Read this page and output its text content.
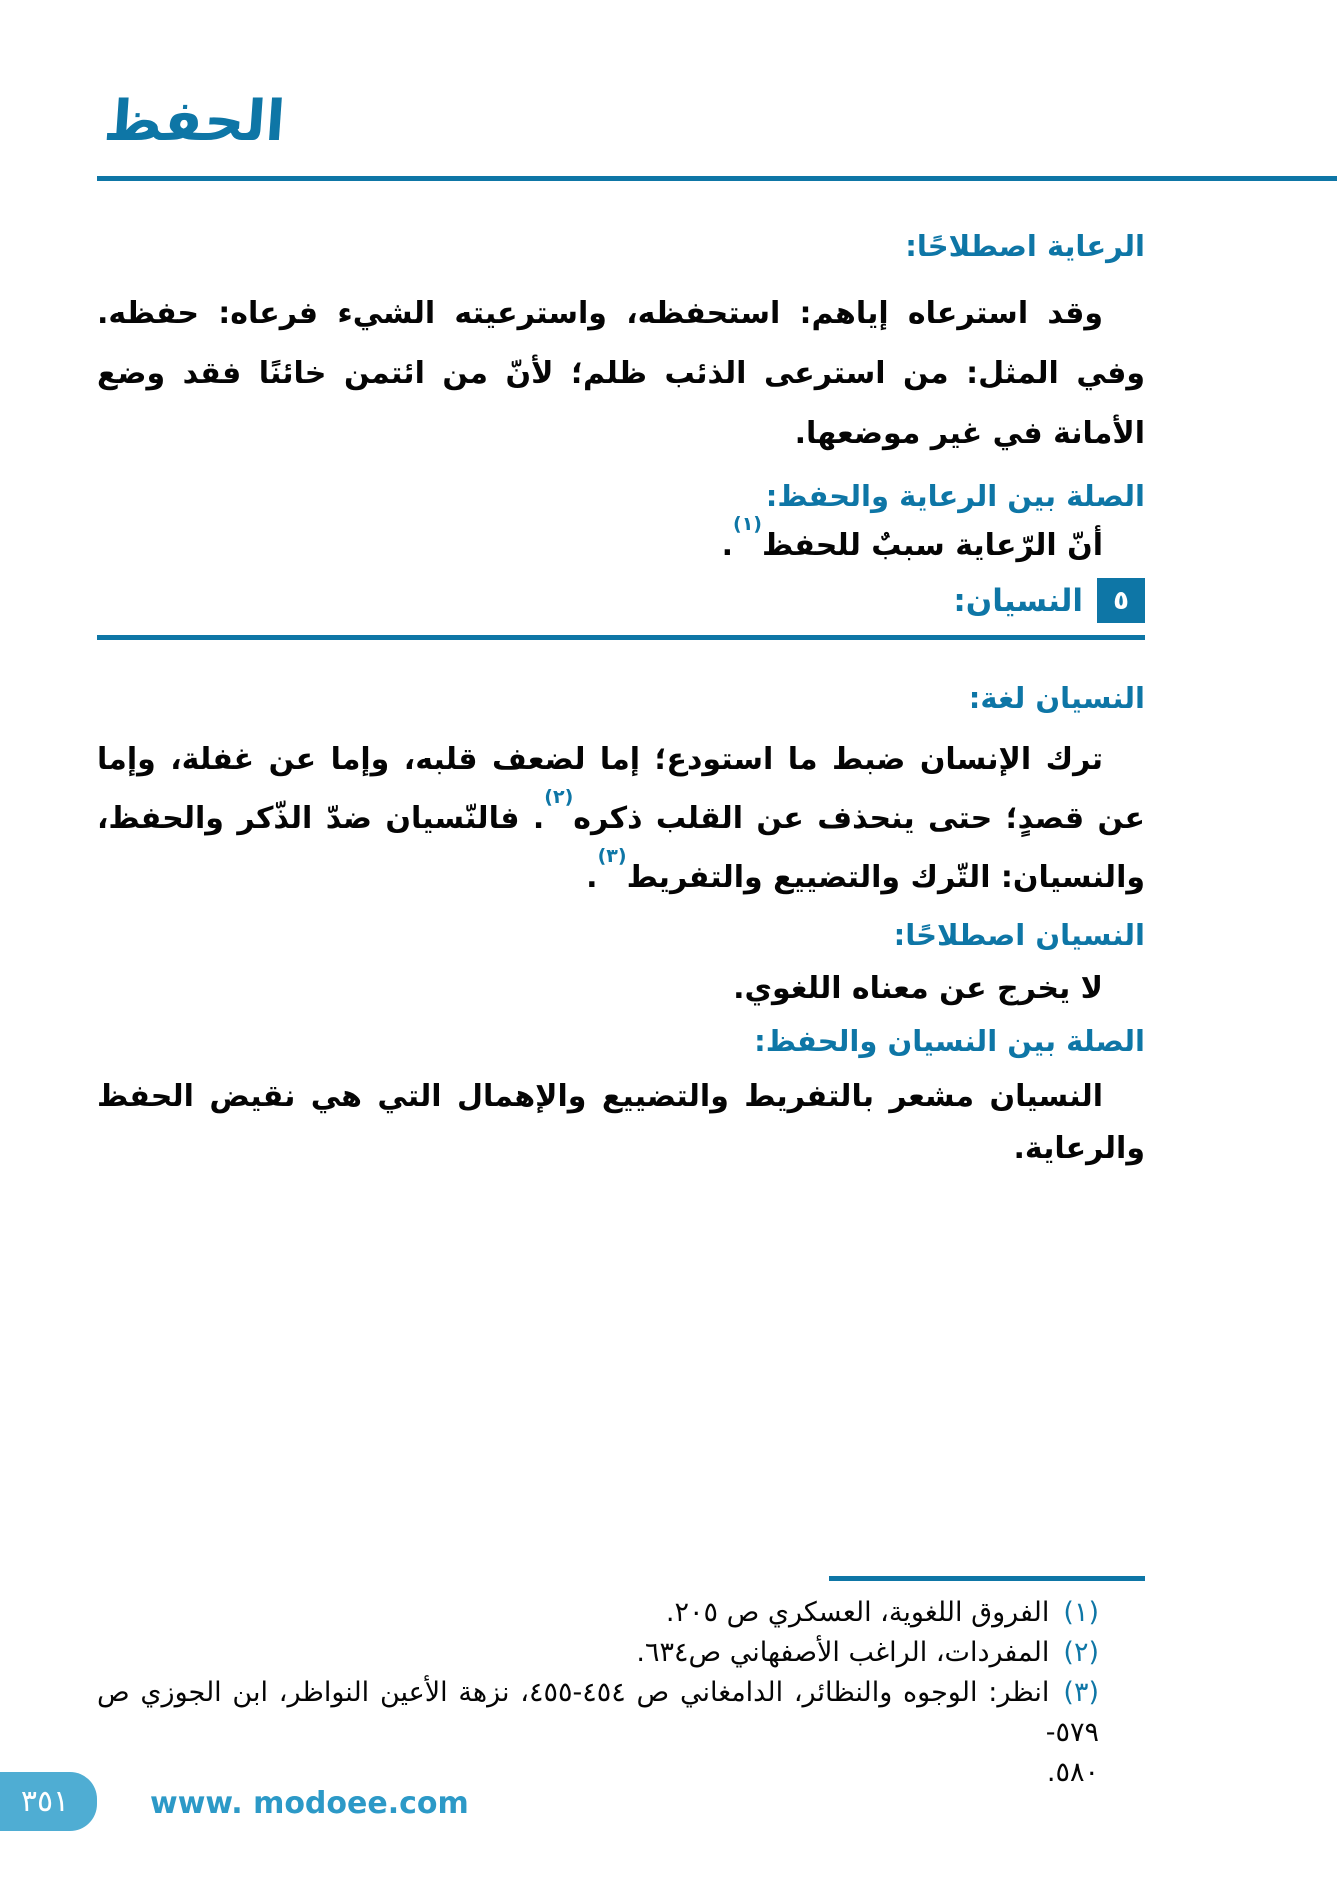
الحفظ
الرعاية اصطلاحًا:

وقد استرعاه إياهم: استحفظه، واسترعيته الشيء فرعاه: حفظه. وفي المثل: من استرعى الذئب ظلم؛ لأنّ من ائتمن خائنًا فقد وضع الأمانة في غير موضعها.

الصلة بين الرعاية والحفظ:

أنّ الرّعاية سببٌ للحفظ$^{(١)}$.

٥
النسيان:
النسيان لغة:

ترك الإنسان ضبط ما استودع؛ إما لضعف قلبه، وإما عن غفلة، وإما عن قصدٍ؛ حتى ينحذف عن القلب ذكره$^{(٢)}$. فالنّسيان ضدّ الذّكر والحفظ، والنسيان: التّرك والتضييع والتفريط$^{(٣)}$.

النسيان اصطلاحًا:

لا يخرج عن معناه اللغوي.

الصلة بين النسيان والحفظ:

النسيان مشعر بالتفريط والتضييع والإهمال التي هي نقيض الحفظ والرعاية.

(١)الفروق اللغوية، العسكري ص ٢٠٥.
(٢)المفردات، الراغب الأصفهاني ص٦٣٤.
(٣)انظر: الوجوه والنظائر، الدامغاني ص ٤٥٤-٤٥٥، نزهة الأعين النواظر، ابن الجوزي ص ٥٧٩-
٥٨٠.
٣٥١	www. modoee.com
